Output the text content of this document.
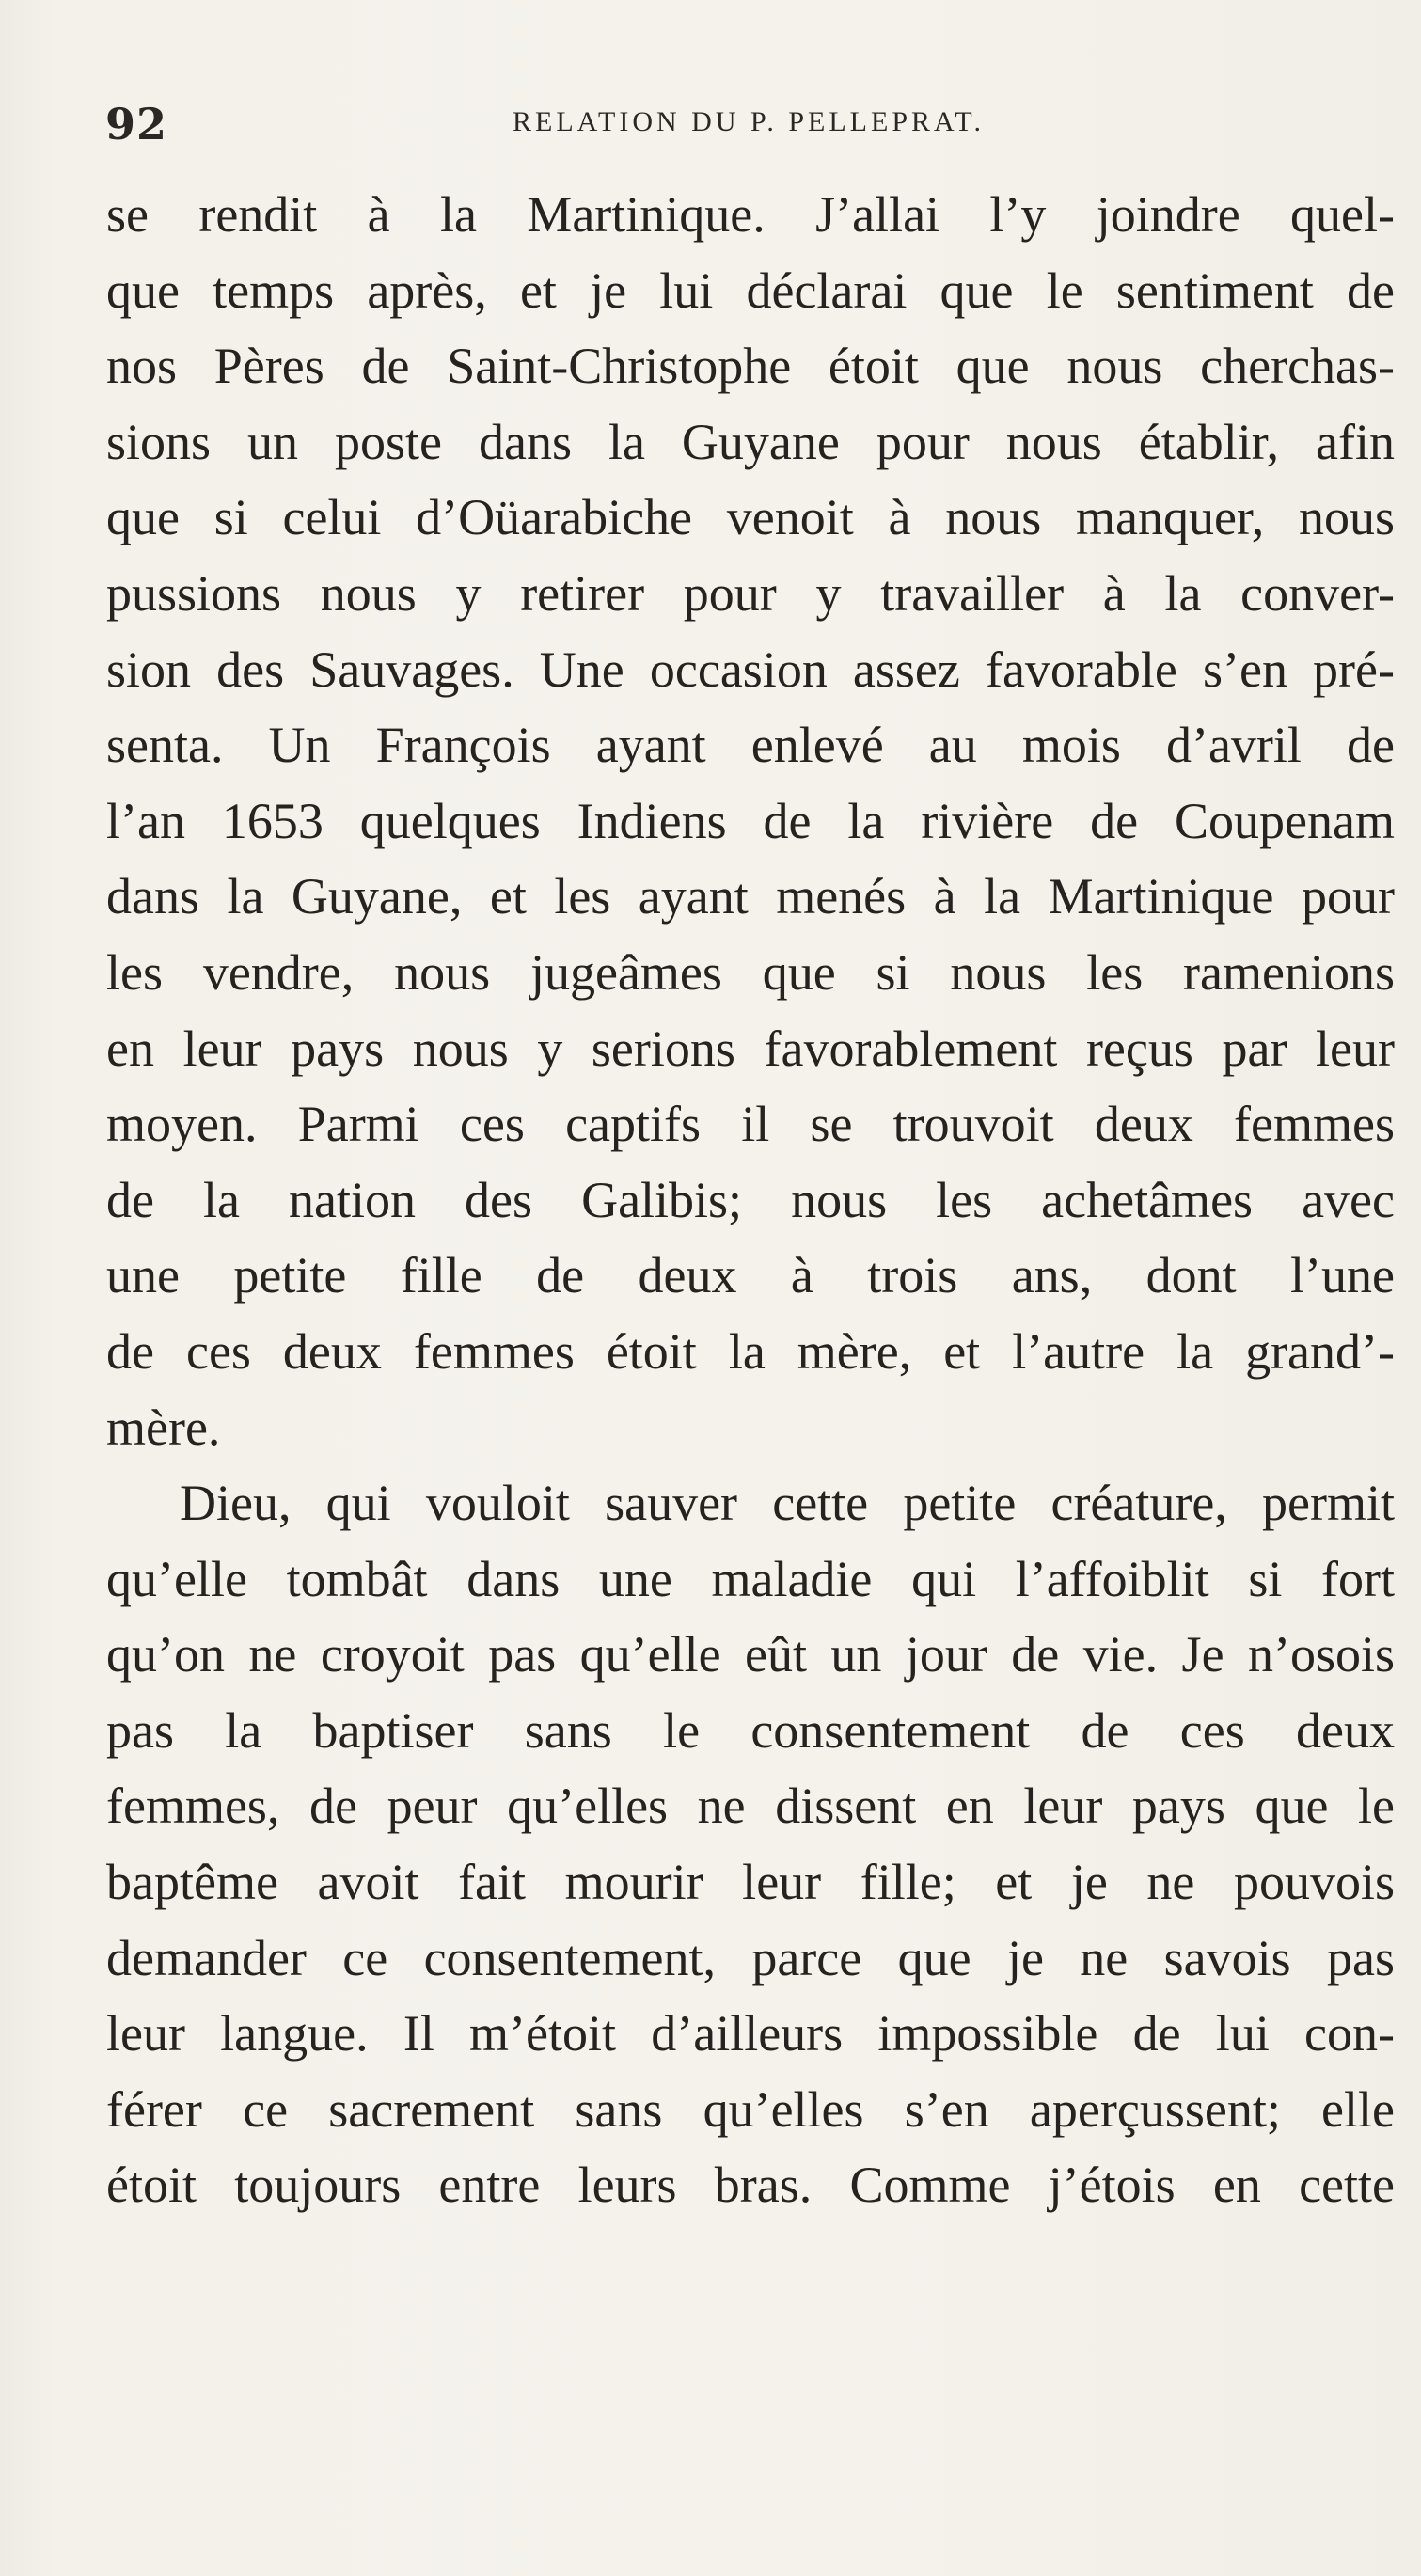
92	RELATION DU P. PELLEPRAT.
se rendit à la Martinique. J’allai l’y joindre quel-
que temps après, et je lui déclarai que le sentiment de
nos Pères de Saint-Christophe étoit que nous cherchas-
sions un poste dans la Guyane pour nous établir, afin
que si celui d’Oüarabiche venoit à nous manquer, nous
pussions nous y retirer pour y travailler à la conver-
sion des Sauvages. Une occasion assez favorable s’en pré-
senta. Un François ayant enlevé au mois d’avril de
l’an 1653 quelques Indiens de la rivière de Coupenam
dans la Guyane, et les ayant menés à la Martinique pour
les vendre, nous jugeâmes que si nous les ramenions
en leur pays nous y serions favorablement reçus par leur
moyen. Parmi ces captifs il se trouvoit deux femmes
de la nation des Galibis; nous les achetâmes avec
une petite fille de deux à trois ans, dont l’une
de ces deux femmes étoit la mère, et l’autre la grand’-
mère.
Dieu, qui vouloit sauver cette petite créature, permit
qu’elle tombât dans une maladie qui l’affoiblit si fort
qu’on ne croyoit pas qu’elle eût un jour de vie. Je n’osois
pas la baptiser sans le consentement de ces deux
femmes, de peur qu’elles ne dissent en leur pays que le
baptême avoit fait mourir leur fille; et je ne pouvois
demander ce consentement, parce que je ne savois pas
leur langue. Il m’étoit d’ailleurs impossible de lui con-
férer ce sacrement sans qu’elles s’en aperçussent; elle
étoit toujours entre leurs bras. Comme j’étois en cette
